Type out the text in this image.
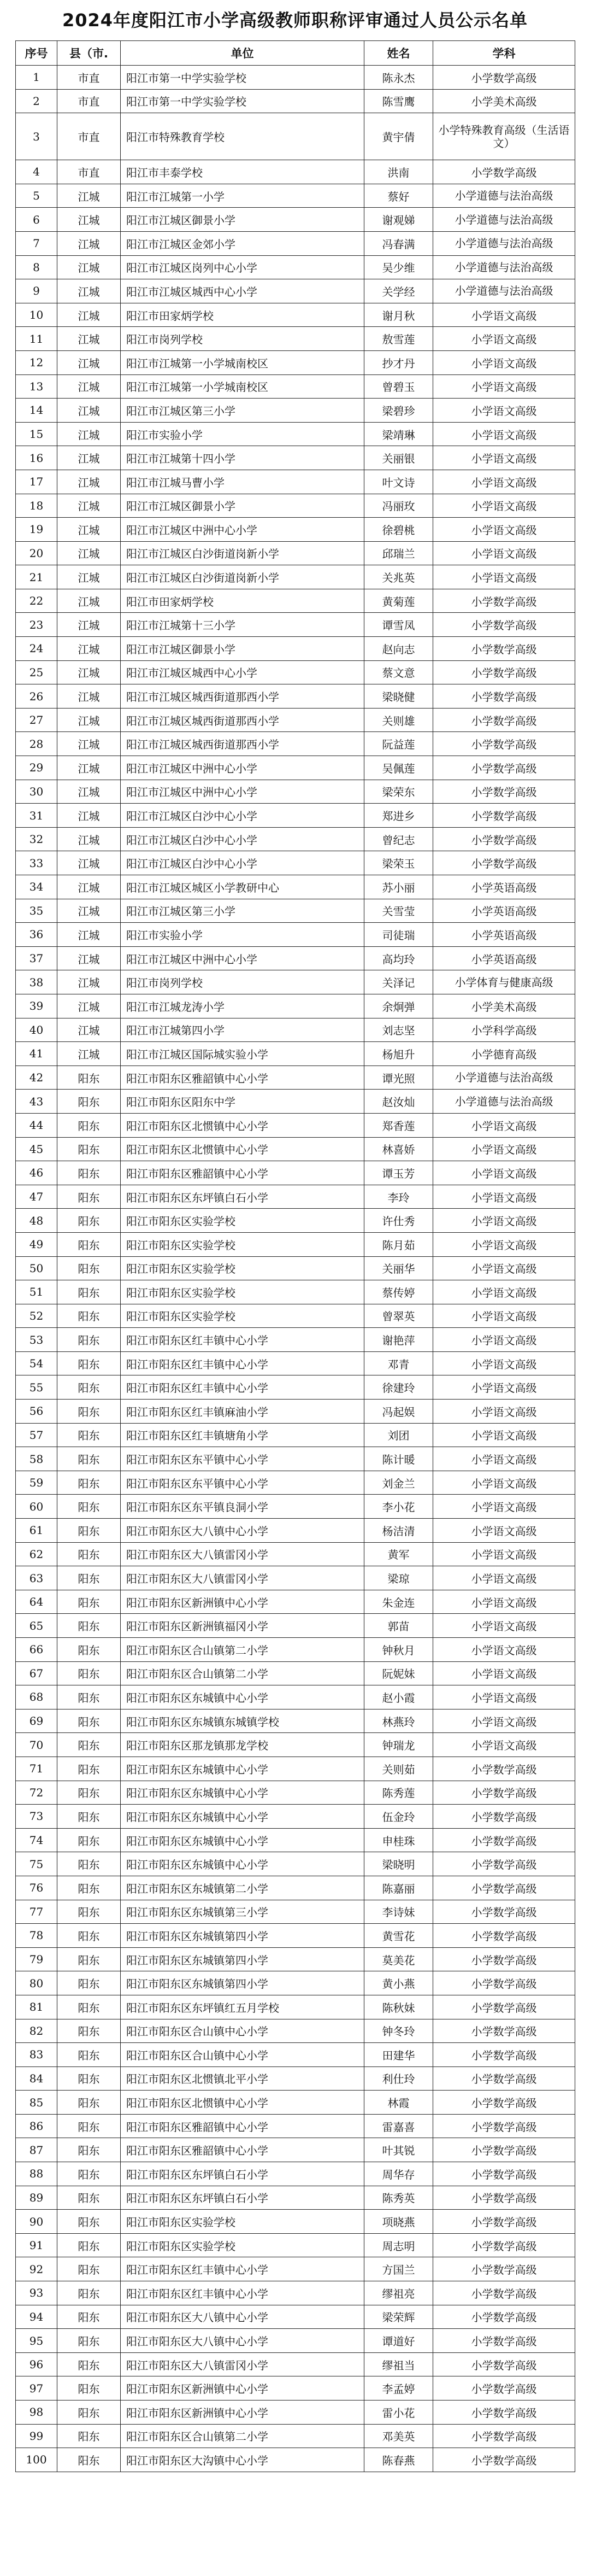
2024年度阳江市小学高级教师职称评审通过人员公示名单
序号	县（市.	单位	姓名	学科
1	市直	阳江市第一中学实验学校	陈永杰	小学数学高级
2	市直	阳江市第一中学实验学校	陈雪鹰	小学美术高级
3	市直	阳江市特殊教育学校	黄宇倩	小学特殊教育高级（生活语文）
4	市直	阳江市丰泰学校	洪南	小学数学高级
5	江城	阳江市江城第一小学	蔡好	小学道德与法治高级
6	江城	阳江市江城区御景小学	谢观娣	小学道德与法治高级
7	江城	阳江市江城区金郊小学	冯春满	小学道德与法治高级
8	江城	阳江市江城区岗列中心小学	吴少维	小学道德与法治高级
9	江城	阳江市江城区城西中心小学	关学经	小学道德与法治高级
10	江城	阳江市田家炳学校	谢月秋	小学语文高级
11	江城	阳江市岗列学校	敖雪莲	小学语文高级
12	江城	阳江市江城第一小学城南校区	抄才丹	小学语文高级
13	江城	阳江市江城第一小学城南校区	曾碧玉	小学语文高级
14	江城	阳江市江城区第三小学	梁碧珍	小学语文高级
15	江城	阳江市实验小学	梁靖琳	小学语文高级
16	江城	阳江市江城第十四小学	关丽银	小学语文高级
17	江城	阳江市江城马曹小学	叶文诗	小学语文高级
18	江城	阳江市江城区御景小学	冯丽玫	小学语文高级
19	江城	阳江市江城区中洲中心小学	徐碧桃	小学语文高级
20	江城	阳江市江城区白沙街道岗新小学	邱瑞兰	小学语文高级
21	江城	阳江市江城区白沙街道岗新小学	关兆英	小学语文高级
22	江城	阳江市田家炳学校	黄菊莲	小学数学高级
23	江城	阳江市江城第十三小学	谭雪凤	小学数学高级
24	江城	阳江市江城区御景小学	赵向志	小学数学高级
25	江城	阳江市江城区城西中心小学	蔡文意	小学数学高级
26	江城	阳江市江城区城西街道那西小学	梁晓健	小学数学高级
27	江城	阳江市江城区城西街道那西小学	关则雄	小学数学高级
28	江城	阳江市江城区城西街道那西小学	阮益莲	小学数学高级
29	江城	阳江市江城区中洲中心小学	吴佩莲	小学数学高级
30	江城	阳江市江城区中洲中心小学	梁荣东	小学数学高级
31	江城	阳江市江城区白沙中心小学	郑进乡	小学数学高级
32	江城	阳江市江城区白沙中心小学	曾纪志	小学数学高级
33	江城	阳江市江城区白沙中心小学	梁荣玉	小学数学高级
34	江城	阳江市江城区城区小学教研中心	苏小丽	小学英语高级
35	江城	阳江市江城区第三小学	关雪莹	小学英语高级
36	江城	阳江市实验小学	司徒瑞	小学英语高级
37	江城	阳江市江城区中洲中心小学	高均玲	小学英语高级
38	江城	阳江市岗列学校	关泽记	小学体育与健康高级
39	江城	阳江市江城龙涛小学	余炯弹	小学美术高级
40	江城	阳江市江城第四小学	刘志坚	小学科学高级
41	江城	阳江市江城区国际城实验小学	杨旭升	小学德育高级
42	阳东	阳江市阳东区雅韶镇中心小学	谭光照	小学道德与法治高级
43	阳东	阳江市阳东区阳东中学	赵汝灿	小学道德与法治高级
44	阳东	阳江市阳东区北惯镇中心小学	郑香莲	小学语文高级
45	阳东	阳江市阳东区北惯镇中心小学	林喜娇	小学语文高级
46	阳东	阳江市阳东区雅韶镇中心小学	谭玉芳	小学语文高级
47	阳东	阳江市阳东区东坪镇白石小学	李玲	小学语文高级
48	阳东	阳江市阳东区实验学校	许仕秀	小学语文高级
49	阳东	阳江市阳东区实验学校	陈月茹	小学语文高级
50	阳东	阳江市阳东区实验学校	关丽华	小学语文高级
51	阳东	阳江市阳东区实验学校	蔡传婷	小学语文高级
52	阳东	阳江市阳东区实验学校	曾翠英	小学语文高级
53	阳东	阳江市阳东区红丰镇中心小学	谢艳萍	小学语文高级
54	阳东	阳江市阳东区红丰镇中心小学	邓青	小学语文高级
55	阳东	阳江市阳东区红丰镇中心小学	徐建玲	小学语文高级
56	阳东	阳江市阳东区红丰镇麻油小学	冯起娱	小学语文高级
57	阳东	阳江市阳东区红丰镇塘角小学	刘团	小学语文高级
58	阳东	阳江市阳东区东平镇中心小学	陈计暖	小学语文高级
59	阳东	阳江市阳东区东平镇中心小学	刘金兰	小学语文高级
60	阳东	阳江市阳东区东平镇良洞小学	李小花	小学语文高级
61	阳东	阳江市阳东区大八镇中心小学	杨洁清	小学语文高级
62	阳东	阳江市阳东区大八镇雷冈小学	黄军	小学语文高级
63	阳东	阳江市阳东区大八镇雷冈小学	梁琼	小学语文高级
64	阳东	阳江市阳东区新洲镇中心小学	朱金连	小学语文高级
65	阳东	阳江市阳东区新洲镇福冈小学	郭苗	小学语文高级
66	阳东	阳江市阳东区合山镇第二小学	钟秋月	小学语文高级
67	阳东	阳江市阳东区合山镇第二小学	阮妮妹	小学语文高级
68	阳东	阳江市阳东区东城镇中心小学	赵小霞	小学语文高级
69	阳东	阳江市阳东区东城镇东城镇学校	林燕玲	小学语文高级
70	阳东	阳江市阳东区那龙镇那龙学校	钟瑞龙	小学语文高级
71	阳东	阳江市阳东区东城镇中心小学	关则茹	小学数学高级
72	阳东	阳江市阳东区东城镇中心小学	陈秀莲	小学数学高级
73	阳东	阳江市阳东区东城镇中心小学	伍金玲	小学数学高级
74	阳东	阳江市阳东区东城镇中心小学	申桂珠	小学数学高级
75	阳东	阳江市阳东区东城镇中心小学	梁晓明	小学数学高级
76	阳东	阳江市阳东区东城镇第二小学	陈嘉丽	小学数学高级
77	阳东	阳江市阳东区东城镇第三小学	李诗妹	小学数学高级
78	阳东	阳江市阳东区东城镇第四小学	黄雪花	小学数学高级
79	阳东	阳江市阳东区东城镇第四小学	莫美花	小学数学高级
80	阳东	阳江市阳东区东城镇第四小学	黄小燕	小学数学高级
81	阳东	阳江市阳东区东坪镇红五月学校	陈秋妹	小学数学高级
82	阳东	阳江市阳东区合山镇中心小学	钟冬玲	小学数学高级
83	阳东	阳江市阳东区合山镇中心小学	田建华	小学数学高级
84	阳东	阳江市阳东区北惯镇北平小学	利仕玲	小学数学高级
85	阳东	阳江市阳东区北惯镇中心小学	林霞	小学数学高级
86	阳东	阳江市阳东区雅韶镇中心小学	雷嘉喜	小学数学高级
87	阳东	阳江市阳东区雅韶镇中心小学	叶其锐	小学数学高级
88	阳东	阳江市阳东区东坪镇白石小学	周华存	小学数学高级
89	阳东	阳江市阳东区东坪镇白石小学	陈秀英	小学数学高级
90	阳东	阳江市阳东区实验学校	项晓燕	小学数学高级
91	阳东	阳江市阳东区实验学校	周志明	小学数学高级
92	阳东	阳江市阳东区红丰镇中心小学	方国兰	小学数学高级
93	阳东	阳江市阳东区红丰镇中心小学	缪祖亮	小学数学高级
94	阳东	阳江市阳东区大八镇中心小学	梁荣辉	小学数学高级
95	阳东	阳江市阳东区大八镇中心小学	谭道好	小学数学高级
96	阳东	阳江市阳东区大八镇雷冈小学	缪祖当	小学数学高级
97	阳东	阳江市阳东区新洲镇中心小学	李孟婷	小学数学高级
98	阳东	阳江市阳东区新洲镇中心小学	雷小花	小学数学高级
99	阳东	阳江市阳东区合山镇第二小学	邓美英	小学数学高级
100	阳东	阳江市阳东区大沟镇中心小学	陈春燕	小学数学高级
